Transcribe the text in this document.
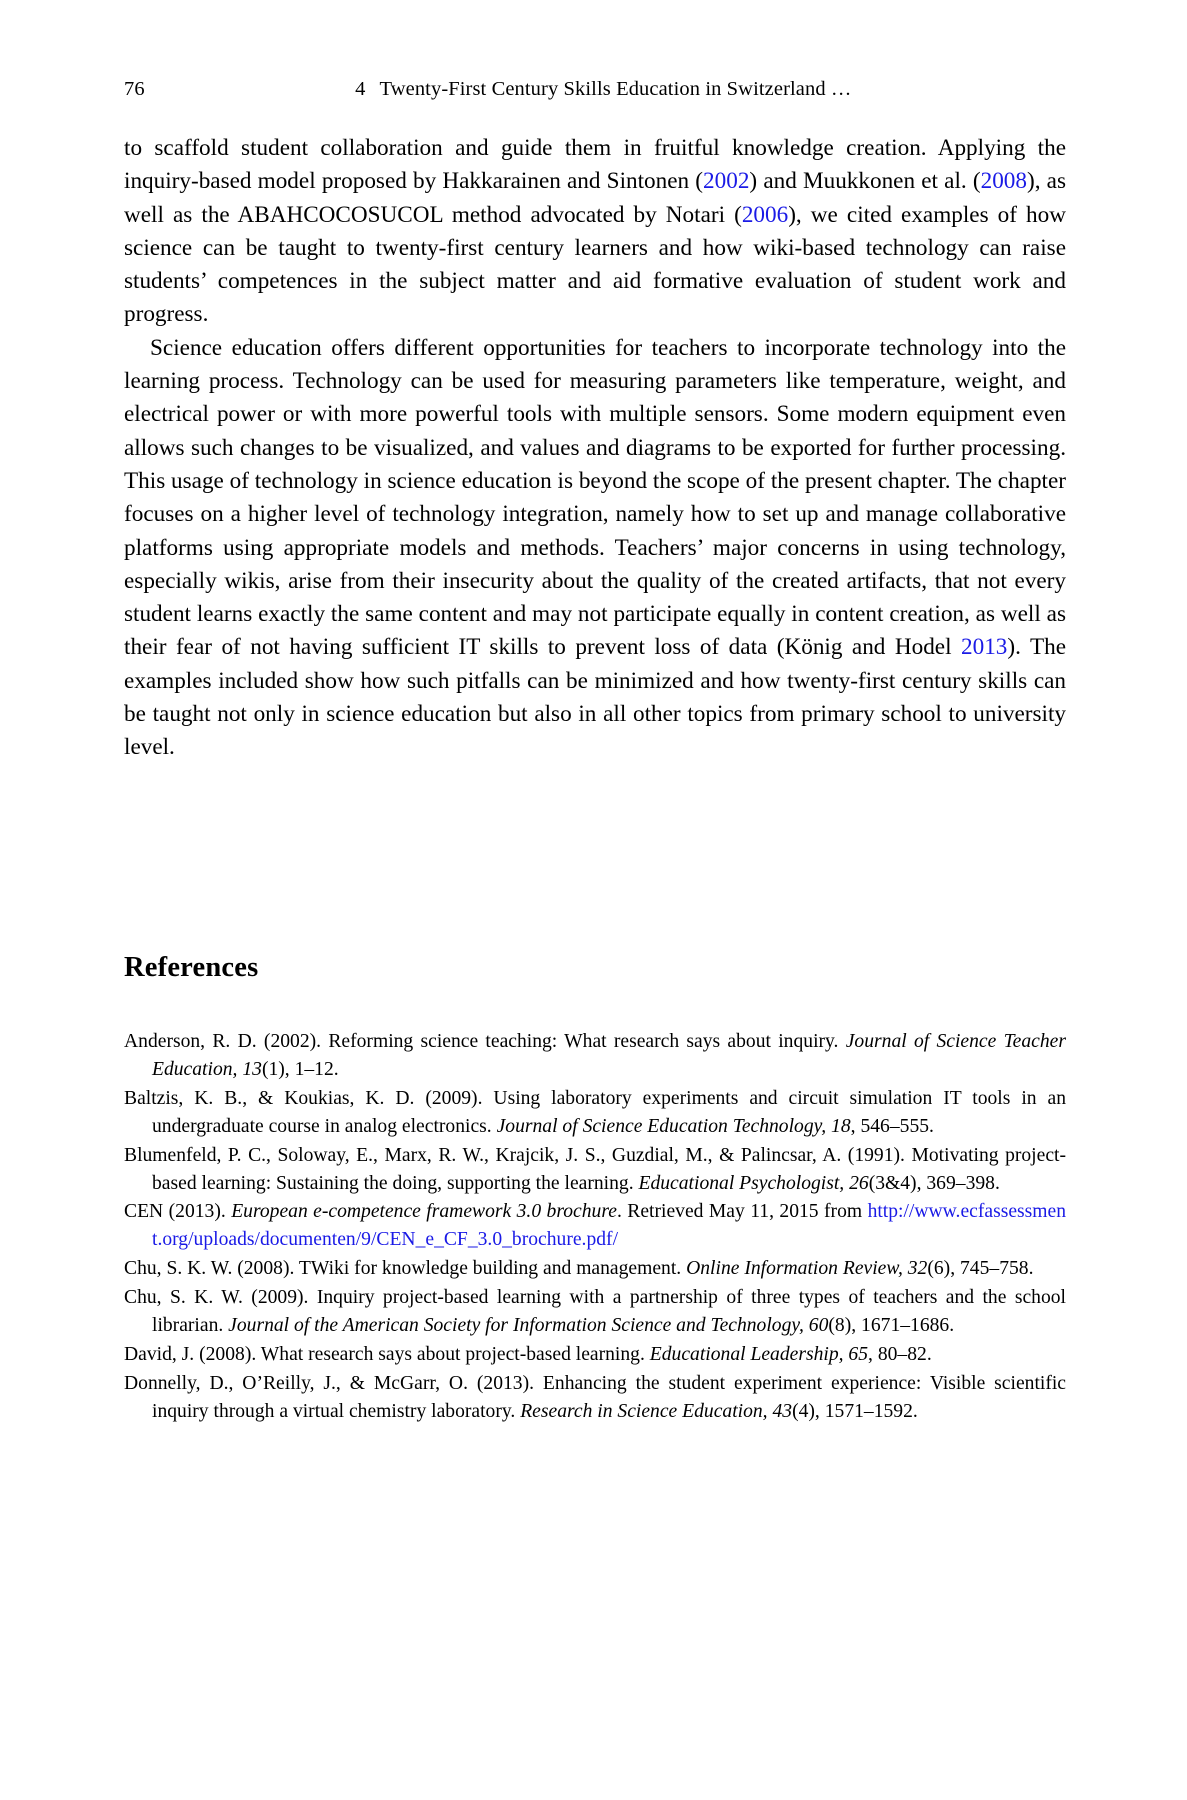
76	4 Twenty-First Century Skills Education in Switzerland …

to scaffold student collaboration and guide them in fruitful knowledge creation. Applying the inquiry-based model proposed by Hakkarainen and Sintonen (2002) and Muukkonen et al. (2008), as well as the ABAHCOCOSUCOL method advocated by Notari (2006), we cited examples of how science can be taught to twenty-first century learners and how wiki-based technology can raise students’ competences in the subject matter and aid formative evaluation of student work and progress.

Science education offers different opportunities for teachers to incorporate technology into the learning process. Technology can be used for measuring parameters like temperature, weight, and electrical power or with more powerful tools with multiple sensors. Some modern equipment even allows such changes to be visualized, and values and diagrams to be exported for further processing. This usage of technology in science education is beyond the scope of the present chapter. The chapter focuses on a higher level of technology integration, namely how to set up and manage collaborative platforms using appropriate models and methods. Teachers’ major concerns in using technology, especially wikis, arise from their insecurity about the quality of the created artifacts, that not every student learns exactly the same content and may not participate equally in content creation, as well as their fear of not having sufficient IT skills to prevent loss of data (König and Hodel 2013). The examples included show how such pitfalls can be minimized and how twenty-first century skills can be taught not only in science education but also in all other topics from primary school to university level.

References

Anderson, R. D. (2002). Reforming science teaching: What research says about inquiry. Journal of Science Teacher Education, 13(1), 1–12.

Baltzis, K. B., & Koukias, K. D. (2009). Using laboratory experiments and circuit simulation IT tools in an undergraduate course in analog electronics. Journal of Science Education Technology, 18, 546–555.

Blumenfeld, P. C., Soloway, E., Marx, R. W., Krajcik, J. S., Guzdial, M., & Palincsar, A. (1991). Motivating project-based learning: Sustaining the doing, supporting the learning. Educational Psychologist, 26(3&4), 369–398.

CEN (2013). European e-competence framework 3.0 brochure. Retrieved May 11, 2015 from http://www.ecfassessment.org/uploads/documenten/9/CEN_e_CF_3.0_brochure.pdf/

Chu, S. K. W. (2008). TWiki for knowledge building and management. Online Information Review, 32(6), 745–758.

Chu, S. K. W. (2009). Inquiry project-based learning with a partnership of three types of teachers and the school librarian. Journal of the American Society for Information Science and Technology, 60(8), 1671–1686.

David, J. (2008). What research says about project-based learning. Educational Leadership, 65, 80–82.

Donnelly, D., O’Reilly, J., & McGarr, O. (2013). Enhancing the student experiment experience: Visible scientific inquiry through a virtual chemistry laboratory. Research in Science Education, 43(4), 1571–1592.
